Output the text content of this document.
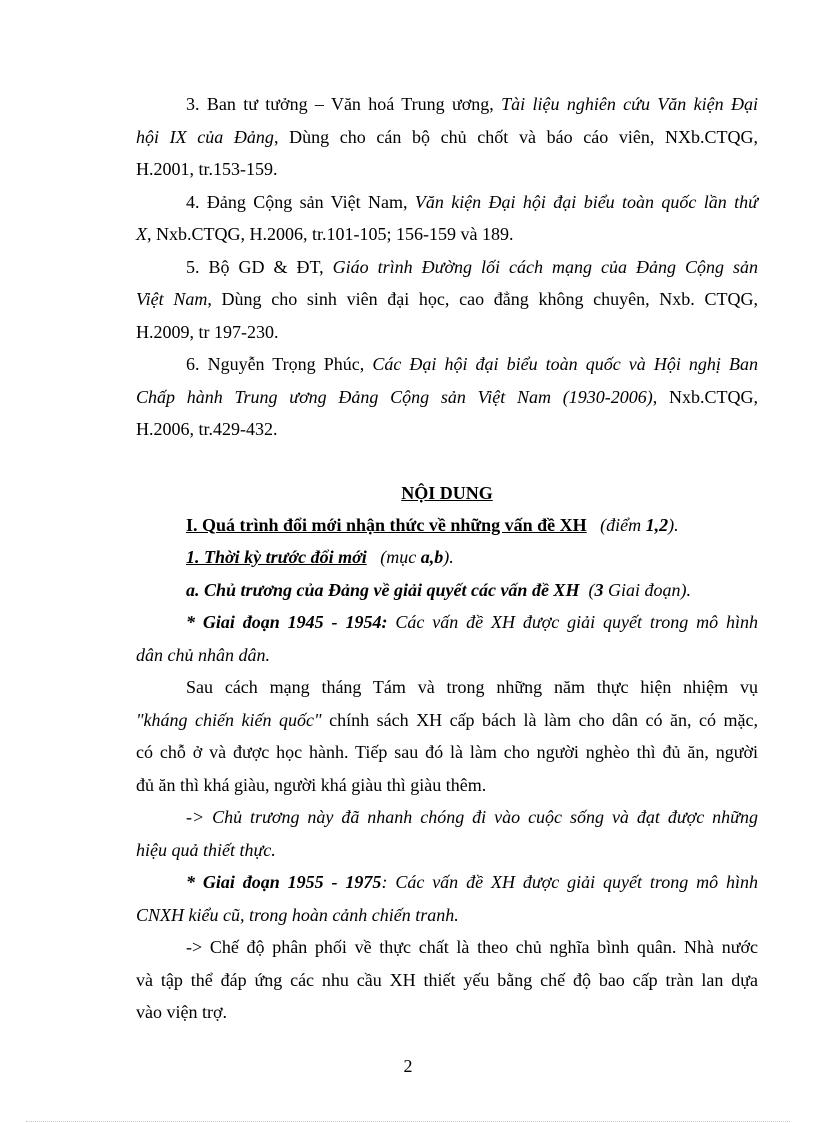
3. Ban tư tưởng – Văn hoá Trung ương, Tài liệu nghiên cứu Văn kiện Đại
hội IX của Đảng, Dùng cho cán bộ chủ chốt và báo cáo viên, NXb.CTQG,
H.2001, tr.153-159.

4. Đảng Cộng sản Việt Nam, Văn kiện Đại hội đại biểu toàn quốc lần thứ
X, Nxb.CTQG, H.2006, tr.101-105; 156-159 và 189.

5. Bộ GD & ĐT, Giáo trình Đường lối cách mạng của Đảng Cộng sản
Việt Nam, Dùng cho sinh viên đại học, cao đẳng không chuyên, Nxb. CTQG,
H.2009, tr 197-230.

6. Nguyễn Trọng Phúc, Các Đại hội đại biểu toàn quốc và Hội nghị Ban
Chấp hành Trung ương Đảng Cộng sản Việt Nam (1930-2006), Nxb.CTQG,
H.2006, tr.429-432.

NỘI DUNG

I. Quá trình đổi mới nhận thức về những vấn đề XH (điểm 1,2).

1. Thời kỳ trước đổi mới (mục a,b).

a. Chủ trương của Đảng về giải quyết các vấn đề XH (3 Giai đoạn).

* Giai đoạn 1945 - 1954: Các vấn đề XH được giải quyết trong mô hình
dân chủ nhân dân.

Sau cách mạng tháng Tám và trong những năm thực hiện nhiệm vụ
"kháng chiến kiến quốc" chính sách XH cấp bách là làm cho dân có ăn, có mặc,
có chỗ ở và được học hành. Tiếp sau đó là làm cho người nghèo thì đủ ăn, người
đủ ăn thì khá giàu, người khá giàu thì giàu thêm.

-> Chủ trương này đã nhanh chóng đi vào cuộc sống và đạt được những
hiệu quả thiết thực.

* Giai đoạn 1955 - 1975: Các vấn đề XH được giải quyết trong mô hình
CNXH kiểu cũ, trong hoàn cảnh chiến tranh.

-> Chế độ phân phối về thực chất là theo chủ nghĩa bình quân. Nhà nước
và tập thể đáp ứng các nhu cầu XH thiết yếu bằng chế độ bao cấp tràn lan dựa
vào viện trợ.

2
